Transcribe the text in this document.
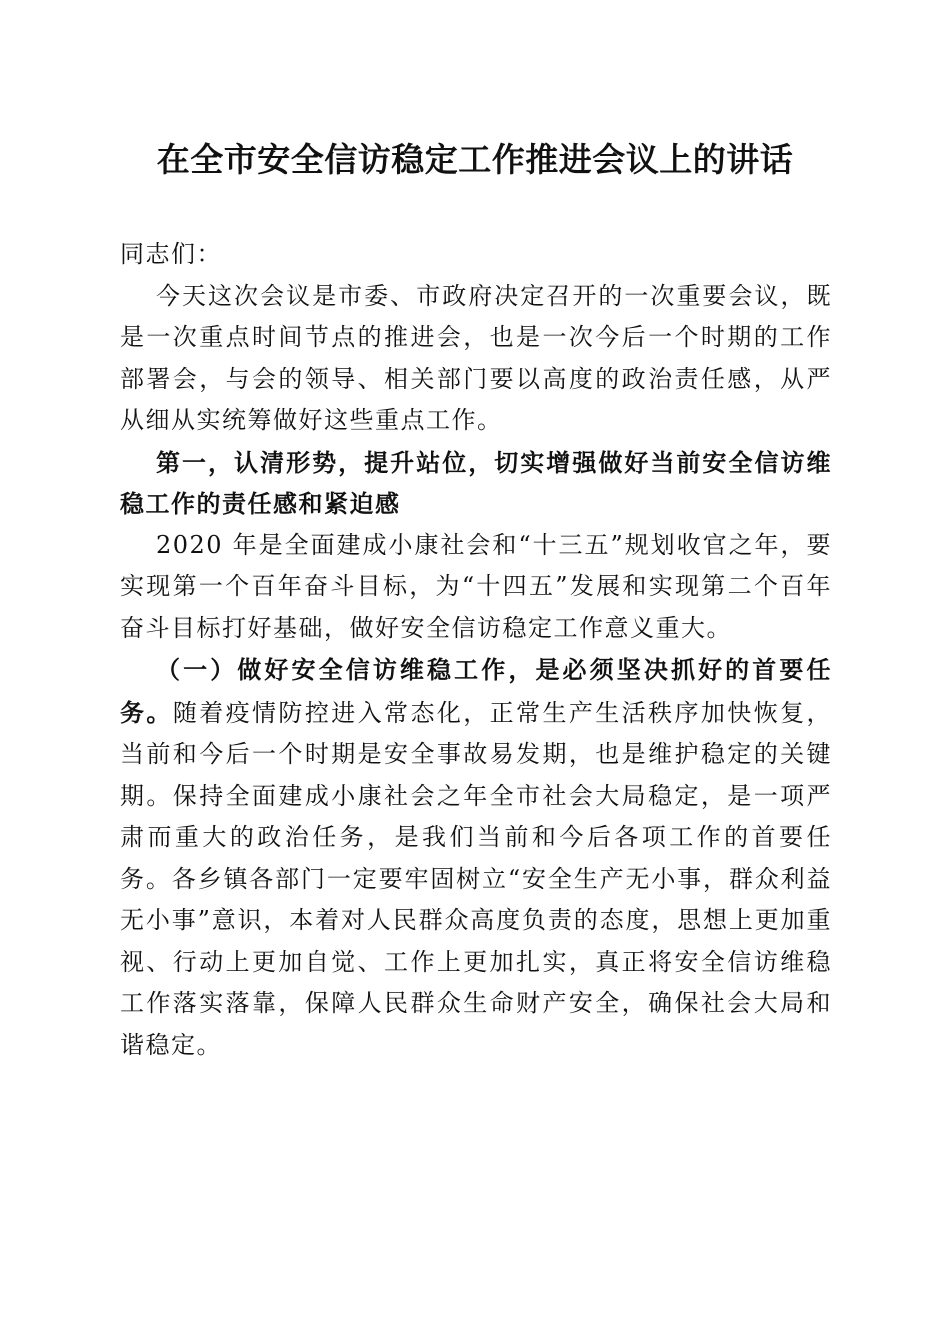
在全市安全信访稳定工作推进会议上的讲话

同志们：

今天这次会议是市委、市政府决定召开的一次重要会议，既是一次重点时间节点的推进会，也是一次今后一个时期的工作部署会，与会的领导、相关部门要以高度的政治责任感，从严从细从实统筹做好这些重点工作。

第一，认清形势，提升站位，切实增强做好当前安全信访维稳工作的责任感和紧迫感

2020 年是全面建成小康社会和“十三五”规划收官之年，要实现第一个百年奋斗目标，为“十四五”发展和实现第二个百年奋斗目标打好基础，做好安全信访稳定工作意义重大。

（一）做好安全信访维稳工作，是必须坚决抓好的首要任务。随着疫情防控进入常态化，正常生产生活秩序加快恢复，当前和今后一个时期是安全事故易发期，也是维护稳定的关键期。保持全面建成小康社会之年全市社会大局稳定，是一项严肃而重大的政治任务，是我们当前和今后各项工作的首要任务。各乡镇各部门一定要牢固树立“安全生产无小事，群众利益无小事”意识，本着对人民群众高度负责的态度，思想上更加重视、行动上更加自觉、工作上更加扎实，真正将安全信访维稳工作落实落靠，保障人民群众生命财产安全，确保社会大局和谐稳定。
